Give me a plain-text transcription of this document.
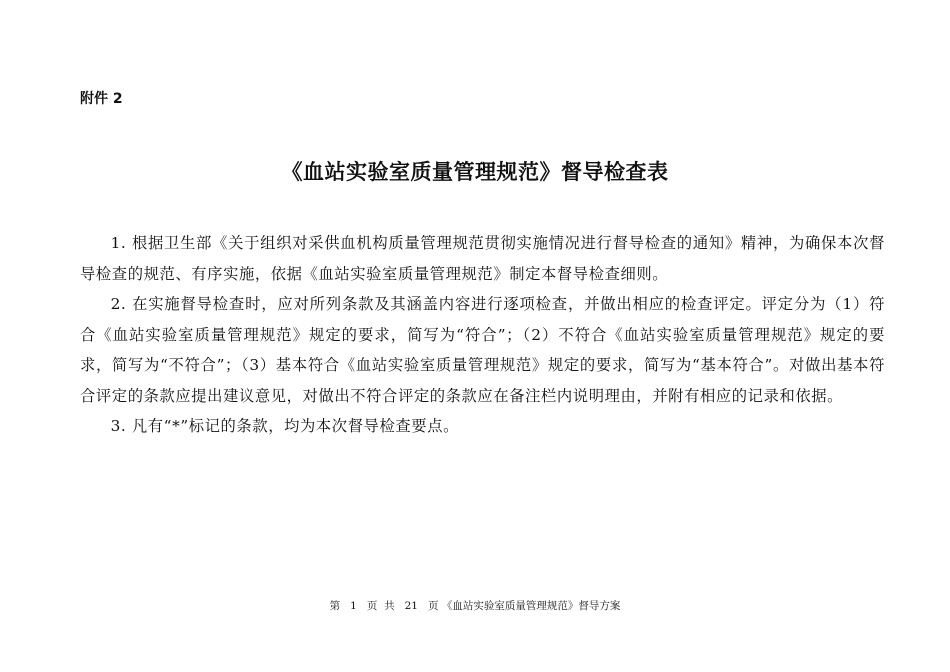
附件 2
《血站实验室质量管理规范》督导检查表

1. 根据卫生部《关于组织对采供血机构质量管理规范贯彻实施情况进行督导检查的通知》精神，为确保本次督导检查的规范、有序实施，依据《血站实验室质量管理规范》制定本督导检查细则。

2. 在实施督导检查时，应对所列条款及其涵盖内容进行逐项检查，并做出相应的检查评定。评定分为（1）符合《血站实验室质量管理规范》规定的要求，简写为“符合”；（2）不符合《血站实验室质量管理规范》规定的要求，简写为“不符合”；（3）基本符合《血站实验室质量管理规范》规定的要求，简写为“基本符合”。对做出基本符合评定的条款应提出建议意见，对做出不符合评定的条款应在备注栏内说明理由，并附有相应的记录和依据。

3. 凡有“*”标记的条款，均为本次督导检查要点。

第 1 页  共 21 页 《血站实验室质量管理规范》督导方案
